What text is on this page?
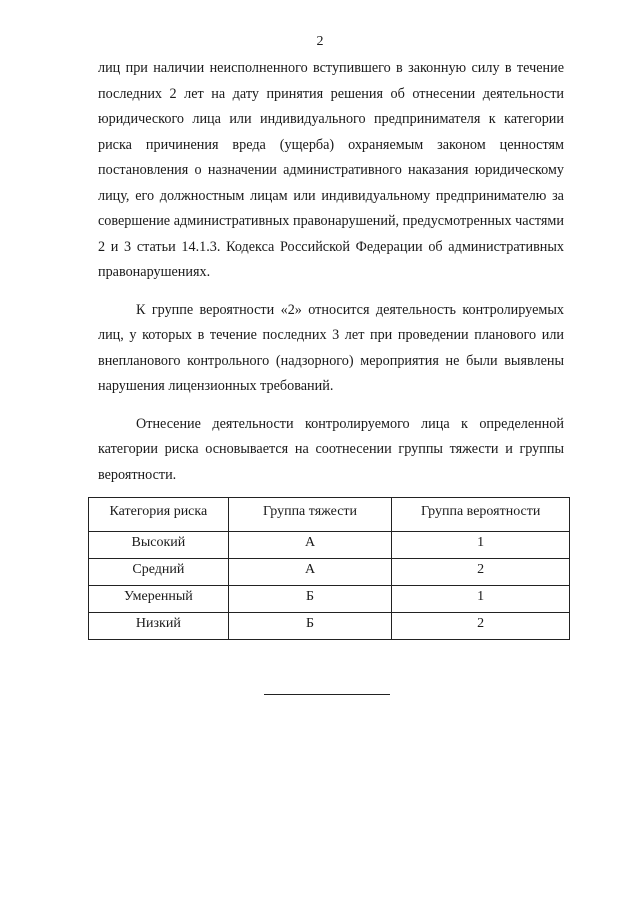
2

лиц при наличии неисполненного вступившего в законную силу в течение последних 2 лет на дату принятия решения об отнесении деятельности юридического лица или индивидуального предпринимателя к категории риска причинения вреда (ущерба) охраняемым законом ценностям постановления о назначении административного наказания юридическому лицу, его должностным лицам или индивидуальному предпринимателю за совершение административных правонарушений, предусмотренных частями 2 и 3 статьи 14.1.3. Кодекса Российской Федерации об административных правонарушениях.

К группе вероятности «2» относится деятельность контролируемых лиц, у которых в течение последних 3 лет при проведении планового или внепланового контрольного (надзорного) мероприятия не были выявлены нарушения лицензионных требований.

Отнесение деятельности контролируемого лица к определенной категории риска основывается на соотнесении группы тяжести и группы вероятности.

Категория риска	Группа тяжести	Группа вероятности
Высокий	А	1
Средний	А	2
Умеренный	Б	1
Низкий	Б	2
